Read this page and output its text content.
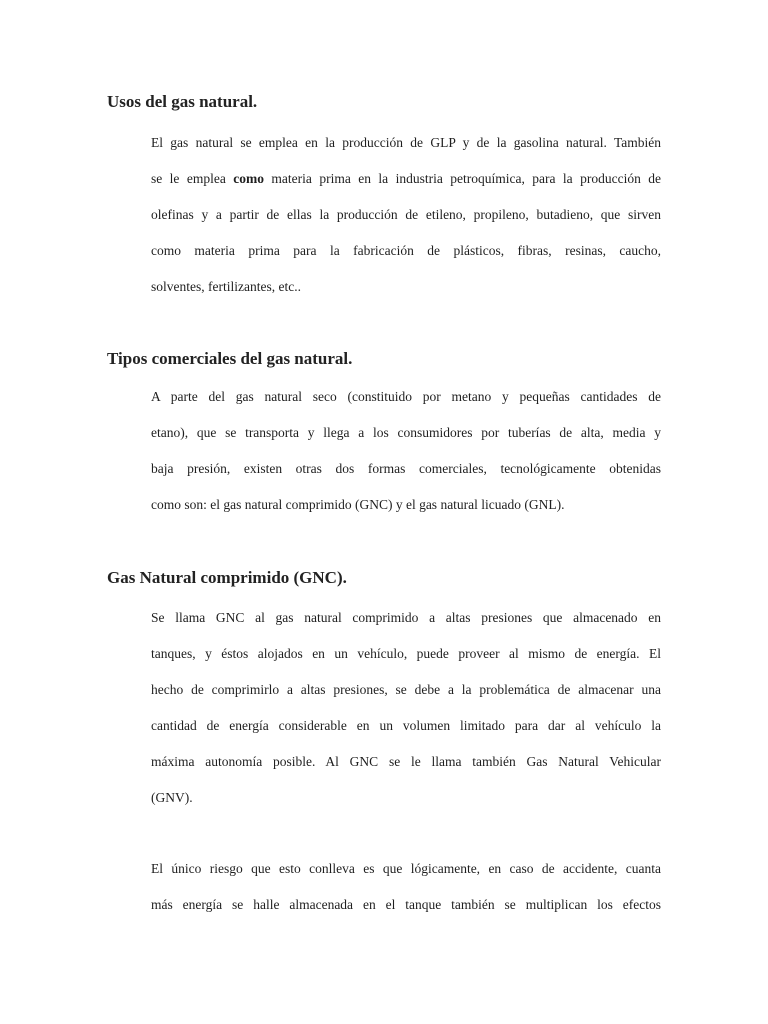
Usos del gas natural.
El gas natural se emplea en la producción de GLP y de la gasolina natural. También
se le emplea como materia prima en la industria petroquímica, para la producción de
olefinas y a partir de ellas la producción de etileno, propileno, butadieno, que sirven
como materia prima para la fabricación de plásticos, fibras, resinas, caucho,
solventes, fertilizantes, etc..
Tipos comerciales del gas natural.
A parte del gas natural seco (constituido por metano y pequeñas cantidades de
etano), que se transporta y llega a los consumidores por tuberías de alta, media y
baja presión, existen otras dos formas comerciales, tecnológicamente obtenidas
como son: el gas natural comprimido (GNC) y el gas natural licuado (GNL).
Gas Natural comprimido (GNC).
Se llama GNC al gas natural comprimido a altas presiones que almacenado en
tanques, y éstos alojados en un vehículo, puede proveer al mismo de energía. El
hecho de comprimirlo a altas presiones, se debe a la problemática de almacenar una
cantidad de energía considerable en un volumen limitado para dar al vehículo la
máxima autonomía posible. Al GNC se le llama también Gas Natural Vehicular
(GNV).
El único riesgo que esto conlleva es que lógicamente, en caso de accidente, cuanta
más energía se halle almacenada en el tanque también se multiplican los efectos
